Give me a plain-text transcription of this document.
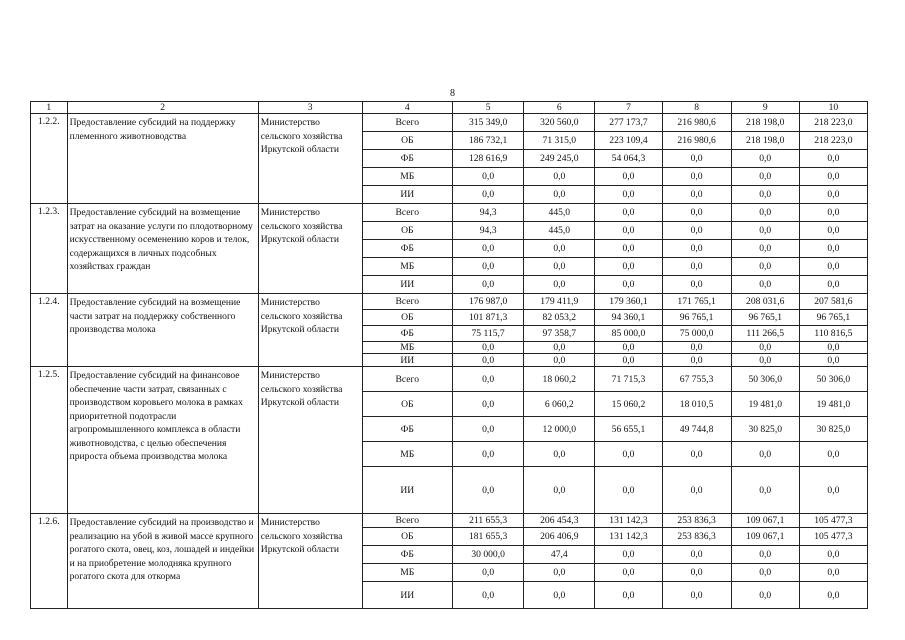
8
1	2	3	4	5	6	7	8	9	10
1.2.2.	Предоставление субсидий на поддержку племенного животноводства	Министерство сельского хозяйства Иркутской области	Всего	315 349,0	320 560,0	277 173,7	216 980,6	218 198,0	218 223,0
			ОБ	186 732,1	71 315,0	223 109,4	216 980,6	218 198,0	218 223,0
			ФБ	128 616,9	249 245,0	54 064,3	0,0	0,0	0,0
			МБ	0,0	0,0	0,0	0,0	0,0	0,0
			ИИ	0,0	0,0	0,0	0,0	0,0	0,0
1.2.3.	Предоставление субсидий на возмещение затрат на оказание услуги по плодотворному искусственному осеменению коров и телок, содержащихся в личных подсобных хозяйствах граждан	Министерство сельского хозяйства Иркутской области	Всего	94,3	445,0	0,0	0,0	0,0	0,0
			ОБ	94,3	445,0	0,0	0,0	0,0	0,0
			ФБ	0,0	0,0	0,0	0,0	0,0	0,0
			МБ	0,0	0,0	0,0	0,0	0,0	0,0
			ИИ	0,0	0,0	0,0	0,0	0,0	0,0
1.2.4.	Предоставление субсидий на возмещение части затрат на поддержку собственного производства молока	Министерство сельского хозяйства Иркутской области	Всего	176 987,0	179 411,9	179 360,1	171 765,1	208 031,6	207 581,6
			ОБ	101 871,3	82 053,2	94 360,1	96 765,1	96 765,1	96 765,1
			ФБ	75 115,7	97 358,7	85 000,0	75 000,0	111 266,5	110 816,5
			МБ	0,0	0,0	0,0	0,0	0,0	0,0
			ИИ	0,0	0,0	0,0	0,0	0,0	0,0
1.2.5.	Предоставление субсидий на финансовое обеспечение части затрат, связанных с производством коровьего молока в рамках приоритетной подотрасли агропромышленного комплекса в области животноводства, с целью обеспечения прироста объема производства молока	Министерство сельского хозяйства Иркутской области	Всего	0,0	18 060,2	71 715,3	67 755,3	50 306,0	50 306,0
			ОБ	0,0	6 060,2	15 060,2	18 010,5	19 481,0	19 481,0
			ФБ	0,0	12 000,0	56 655,1	49 744,8	30 825,0	30 825,0
			МБ	0,0	0,0	0,0	0,0	0,0	0,0
			ИИ	0,0	0,0	0,0	0,0	0,0	0,0
1.2.6.	Предоставление субсидий на производство и реализацию на убой в живой массе крупного рогатого скота, овец, коз, лошадей и индейки и на приобретение молодняка крупного рогатого скота для откорма	Министерство сельского хозяйства Иркутской области	Всего	211 655,3	206 454,3	131 142,3	253 836,3	109 067,1	105 477,3
			ОБ	181 655,3	206 406,9	131 142,3	253 836,3	109 067,1	105 477,3
			ФБ	30 000,0	47,4	0,0	0,0	0,0	0,0
			МБ	0,0	0,0	0,0	0,0	0,0	0,0
			ИИ	0,0	0,0	0,0	0,0	0,0	0,0
